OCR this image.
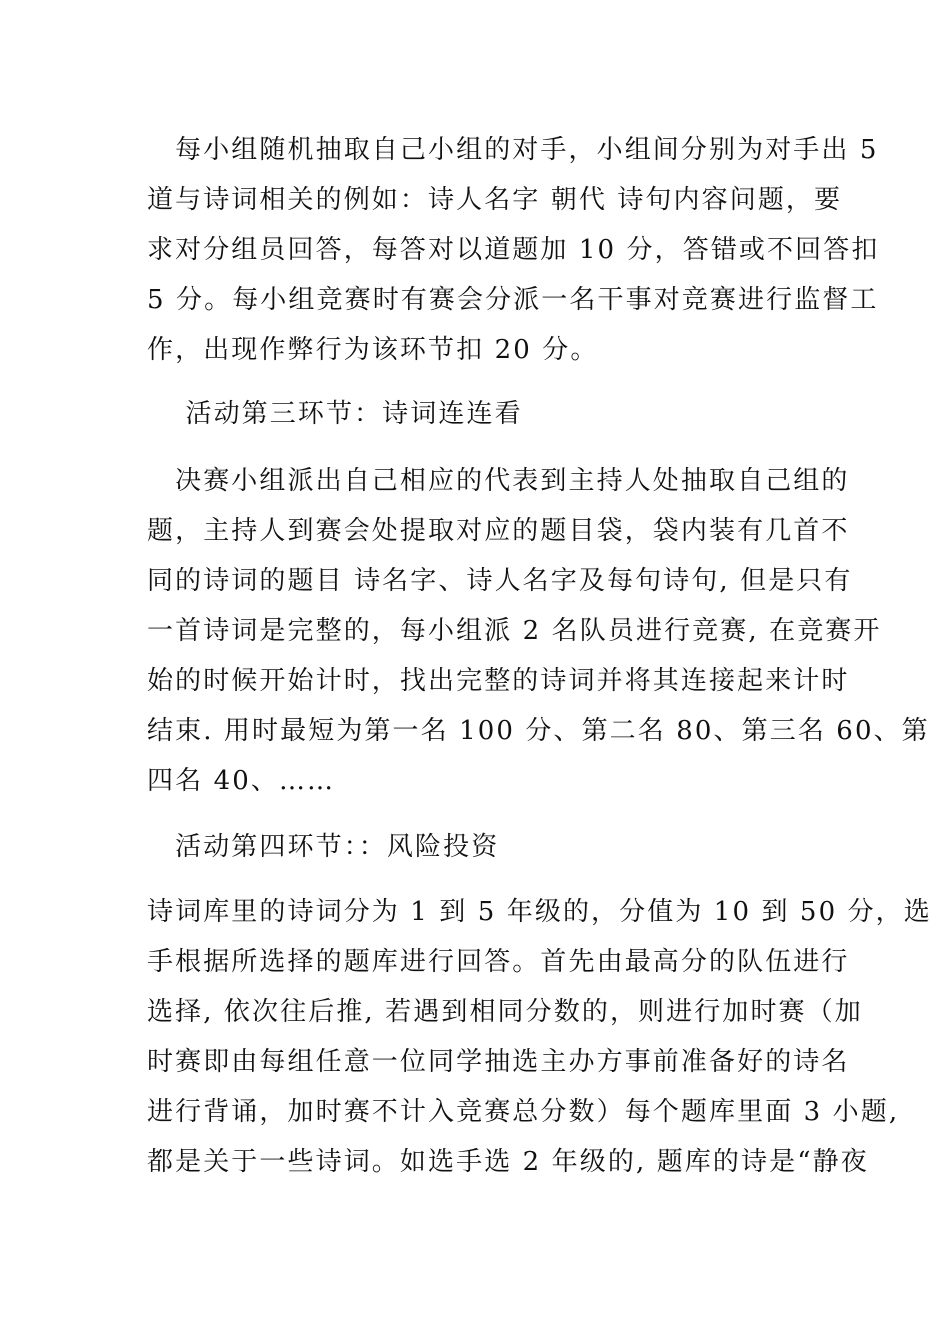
　每小组随机抽取自己小组的对手，小组间分别为对手出 5
道与诗词相关的例如：诗人名字 朝代 诗句内容问题，要
求对分组员回答，每答对以道题加 10 分，答错或不回答扣
5 分。每小组竞赛时有赛会分派一名干事对竞赛进行监督工
作，出现作弊行为该环节扣 20 分。
　 活动第三环节：诗词连连看
　决赛小组派出自己相应的代表到主持人处抽取自己组的
题，主持人到赛会处提取对应的题目袋，袋内装有几首不
同的诗词的题目 诗名字、诗人名字及每句诗句, 但是只有
一首诗词是完整的，每小组派 2 名队员进行竞赛, 在竞赛开
始的时候开始计时，找出完整的诗词并将其连接起来计时
结束. 用时最短为第一名 100 分、第二名 80、第三名 60、第
四名 40、……
　活动第四环节：：风险投资
诗词库里的诗词分为 1 到 5 年级的，分值为 10 到 50 分，选
手根据所选择的题库进行回答。首先由最高分的队伍进行
选择, 依次往后推, 若遇到相同分数的，则进行加时赛（加
时赛即由每组任意一位同学抽选主办方事前准备好的诗名
进行背诵，加时赛不计入竞赛总分数）每个题库里面 3 小题,
都是关于一些诗词。如选手选 2 年级的, 题库的诗是“静夜
